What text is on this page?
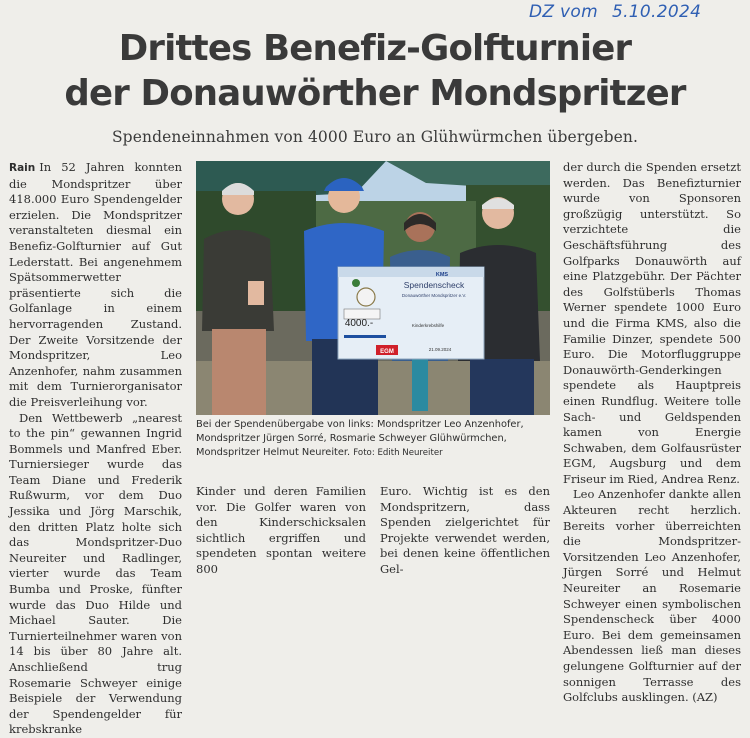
DZ vom 5.10.2024
Drittes Benefiz-Golfturnier
der Donauwörther Mondspritzer

Spendeneinnahmen von 4000 Euro an Glühwürmchen übergeben.

Rain In 52 Jahren konnten die Mondspritzer über 418.000 Euro Spendengelder erzielen. Die Mondspritzer veranstalteten diesmal ein Benefiz-Golfturnier auf Gut Lederstatt. Bei angenehmem Spätsommerwetter präsentierte sich die Golfanlage in einem hervorragenden Zustand. Der Zweite Vorsitzende der Mondspritzer, Leo Anzenhofer, nahm zusammen mit dem Turnierorganisator die Preisverleihung vor.

Den Wettbewerb „nearest to the pin“ gewannen Ingrid Bommels und Manfred Eber. Turniersieger wurde das Team Diane und Frederik Rußwurm, vor dem Duo Jessika und Jörg Marschik, den dritten Platz holte sich das Mondspritzer-Duo Neureiter und Radlinger, vierter wurde das Team Bumba und Proske, fünfter wurde das Duo Hilde und Michael Sauter. Die Turnierteilnehmer waren von 14 bis über 80 Jahre alt. Anschließend trug Rosemarie Schweyer einige Beispiele der Verwendung der Spendengelder für krebskranke

Spendenscheck
Donauwörther Mondspritzer e.V.
KMS
Kinderkrebshilfe
4000.-
21.09.2024
EGM

Bei der Spendenübergabe von links: Mondspritzer Leo Anzenhofer, Mondspritzer Jürgen Sorré, Rosmarie Schweyer Glühwürmchen, Mondspritzer Helmut Neureiter. Foto: Edith Neureiter

Kinder und deren Familien vor. Die Golfer waren von den Kinderschicksalen sichtlich ergriffen und spendeten spontan weitere 800

Euro. Wichtig ist es den Mondspritzern, dass Spenden zielgerichtet für Projekte verwendet werden, bei denen keine öffentlichen Gel-

der durch die Spenden ersetzt werden. Das Benefizturnier wurde von Sponsoren großzügig unterstützt. So verzichtete die Geschäftsführung des Golfparks Donauwörth auf eine Platzgebühr. Der Pächter des Golfstüberls Thomas Werner spendete 1000 Euro und die Firma KMS, also die Familie Dinzer, spendete 500 Euro. Die Motorfluggruppe Donauwörth-Genderkingen spendete als Hauptpreis einen Rundflug. Weitere tolle Sach- und Geldspenden kamen von Energie Schwaben, dem Golfausrüster EGM, Augsburg und dem Friseur im Ried, Andrea Renz.

Leo Anzenhofer dankte allen Akteuren recht herzlich. Bereits vorher überreichten die Mondspritzer-Vorsitzenden Leo Anzenhofer, Jürgen Sorré und Helmut Neureiter an Rosemarie Schweyer einen symbolischen Spendenscheck über 4000 Euro. Bei dem gemeinsamen Abendessen ließ man dieses gelungene Golfturnier auf der sonnigen Terrasse des Golfclubs ausklingen. (AZ)
